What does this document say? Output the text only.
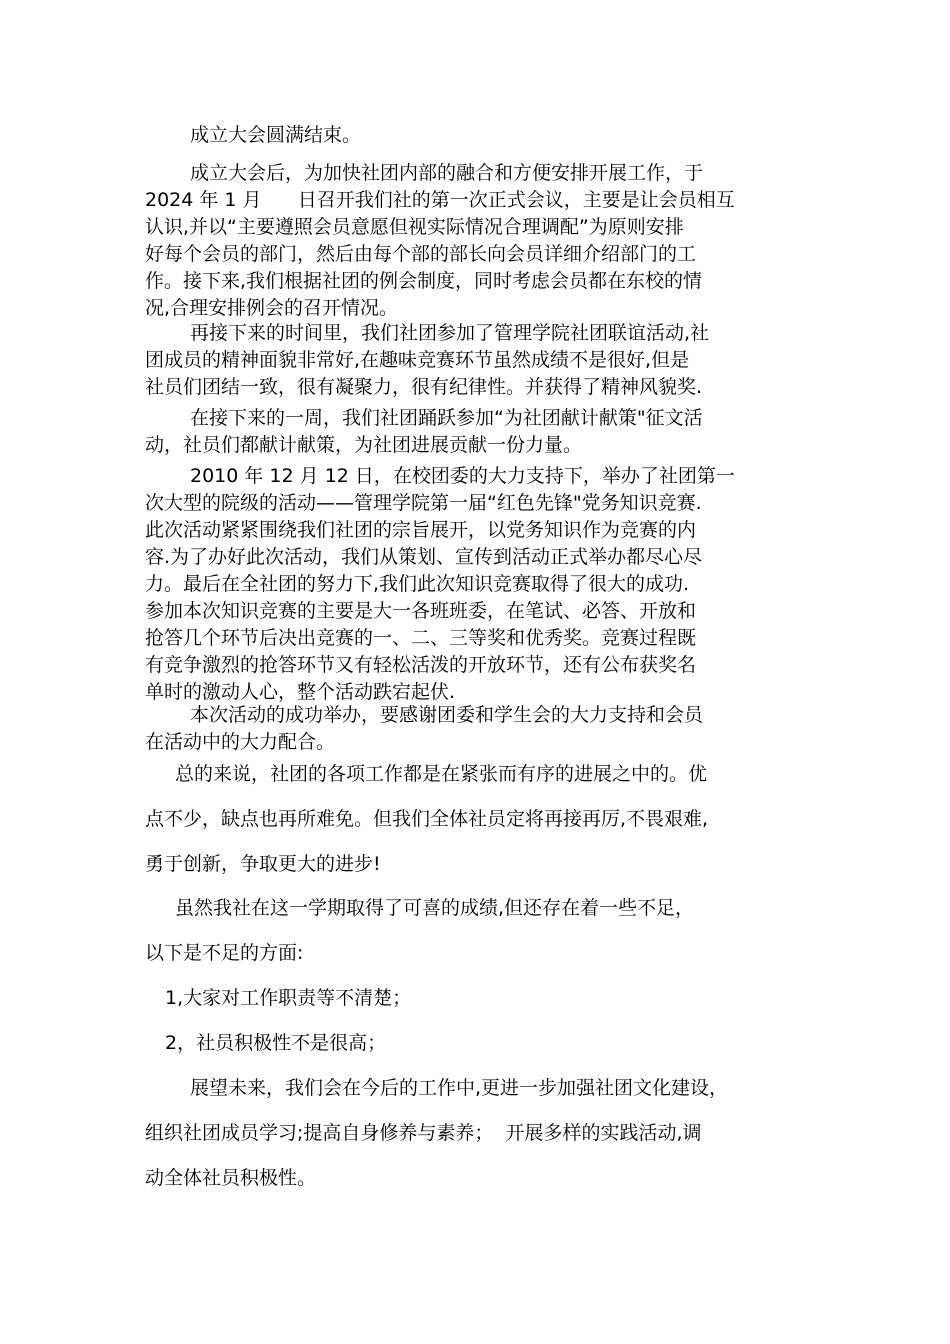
成立大会圆满结束。
成立大会后，为加快社团内部的融合和方便安排开展工作，于
2024 年 1 月      日召开我们社的第一次正式会议，主要是让会员相互
认识,并以“主要遵照会员意愿但视实际情况合理调配”为原则安排
好每个会员的部门，然后由每个部的部长向会员详细介绍部门的工
作。接下来,我们根据社团的例会制度，同时考虑会员都在东校的情
况,合理安排例会的召开情况。
再接下来的时间里，我们社团参加了管理学院社团联谊活动,社
团成员的精神面貌非常好,在趣味竞赛环节虽然成绩不是很好,但是
社员们团结一致，很有凝聚力，很有纪律性。并获得了精神风貌奖.
在接下来的一周，我们社团踊跃参加“为社团献计献策"征文活
动，社员们都献计献策，为社团进展贡献一份力量。
2010 年 12 月 12 日，在校团委的大力支持下，举办了社团第一
次大型的院级的活动——管理学院第一届“红色先锋"党务知识竞赛.
此次活动紧紧围绕我们社团的宗旨展开，以党务知识作为竞赛的内
容.为了办好此次活动，我们从策划、宣传到活动正式举办都尽心尽
力。最后在全社团的努力下,我们此次知识竞赛取得了很大的成功.
参加本次知识竞赛的主要是大一各班班委，在笔试、必答、开放和
抢答几个环节后决出竞赛的一、二、三等奖和优秀奖。竞赛过程既
有竞争激烈的抢答环节又有轻松活泼的开放环节，还有公布获奖名
单时的激动人心，整个活动跌宕起伏.
本次活动的成功举办，要感谢团委和学生会的大力支持和会员
在活动中的大力配合。
总的来说，社团的各项工作都是在紧张而有序的进展之中的。优
点不少，缺点也再所难免。但我们全体社员定将再接再厉,不畏艰难,
勇于创新，争取更大的进步!
虽然我社在这一学期取得了可喜的成绩,但还存在着一些不足，
以下是不足的方面:
1,大家对工作职责等不清楚；
2，社员积极性不是很高；
展望未来，我们会在今后的工作中,更进一步加强社团文化建设，
组织社团成员学习;提高自身修养与素养；  开展多样的实践活动,调
动全体社员积极性。
